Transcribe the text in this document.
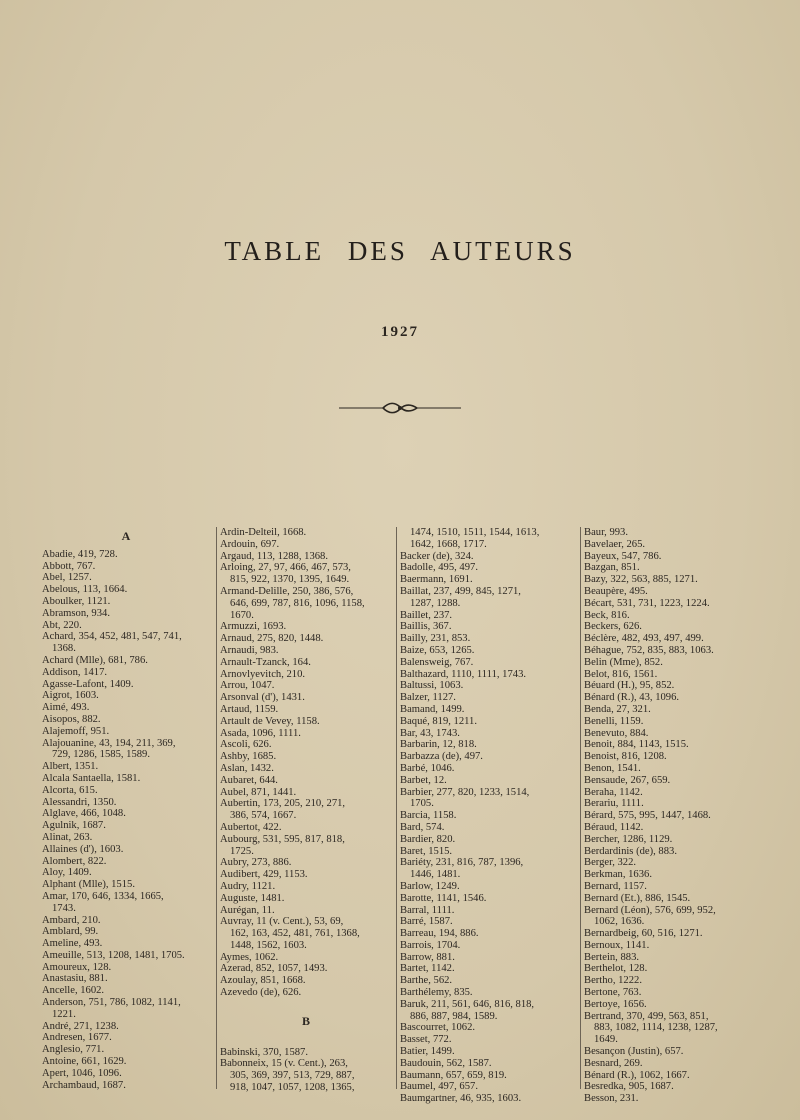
TABLE DES AUTEURS
1927
A
Abadie, 419, 728.
Abbott, 767.
Abel, 1257.
Abelous, 113, 1664.
Aboulker, 1121.
Abramson, 934.
Abt, 220.
Achard, 354, 452, 481, 547, 741,
1368.
Achard (Mlle), 681, 786.
Addison, 1417.
Agasse-Lafont, 1409.
Aigrot, 1603.
Aimé, 493.
Aisopos, 882.
Alajemoff, 951.
Alajouanine, 43, 194, 211, 369,
729, 1286, 1585, 1589.
Albert, 1351.
Alcala Santaella, 1581.
Alcorta, 615.
Alessandri, 1350.
Alglave, 466, 1048.
Agulnik, 1687.
Alinat, 263.
Allaines (d'), 1603.
Alombert, 822.
Aloy, 1409.
Alphant (Mlle), 1515.
Amar, 170, 646, 1334, 1665,
1743.
Ambard, 210.
Amblard, 99.
Ameline, 493.
Ameuille, 513, 1208, 1481, 1705.
Amoureux, 128.
Anastasiu, 881.
Ancelle, 1602.
Anderson, 751, 786, 1082, 1141,
1221.
André, 271, 1238.
Andresen, 1677.
Anglesio, 771.
Antoine, 661, 1629.
Apert, 1046, 1096.
Archambaud, 1687.
Ardin-Delteil, 1668.
Ardouin, 697.
Argaud, 113, 1288, 1368.
Arloing, 27, 97, 466, 467, 573,
815, 922, 1370, 1395, 1649.
Armand-Delille, 250, 386, 576,
646, 699, 787, 816, 1096, 1158,
1670.
Armuzzi, 1693.
Arnaud, 275, 820, 1448.
Arnaudi, 983.
Arnault-Tzanck, 164.
Arnovlyevitch, 210.
Arrou, 1047.
Arsonval (d'), 1431.
Artaud, 1159.
Artault de Vevey, 1158.
Asada, 1096, 1111.
Ascoli, 626.
Ashby, 1685.
Aslan, 1432.
Aubaret, 644.
Aubel, 871, 1441.
Aubertin, 173, 205, 210, 271,
386, 574, 1667.
Aubertot, 422.
Aubourg, 531, 595, 817, 818,
1725.
Aubry, 273, 886.
Audibert, 429, 1153.
Audry, 1121.
Auguste, 1481.
Aurégan, 11.
Auvray, 11 (v. Cent.), 53, 69,
162, 163, 452, 481, 761, 1368,
1448, 1562, 1603.
Aymes, 1062.
Azerad, 852, 1057, 1493.
Azoulay, 851, 1668.
Azevedo (de), 626.
B
Babinski, 370, 1587.
Babonneix, 15 (v. Cent.), 263,
305, 369, 397, 513, 729, 887,
918, 1047, 1057, 1208, 1365,
1474, 1510, 1511, 1544, 1613,
1642, 1668, 1717.
Backer (de), 324.
Badolle, 495, 497.
Baermann, 1691.
Baillat, 237, 499, 845, 1271,
1287, 1288.
Baillet, 237.
Baillis, 367.
Bailly, 231, 853.
Baize, 653, 1265.
Balensweig, 767.
Balthazard, 1110, 1111, 1743.
Baltussi, 1063.
Balzer, 1127.
Bamand, 1499.
Baqué, 819, 1211.
Bar, 43, 1743.
Barbarin, 12, 818.
Barbazza (de), 497.
Barbé, 1046.
Barbet, 12.
Barbier, 277, 820, 1233, 1514,
1705.
Barcia, 1158.
Bard, 574.
Bardier, 820.
Baret, 1515.
Bariéty, 231, 816, 787, 1396,
1446, 1481.
Barlow, 1249.
Barotte, 1141, 1546.
Barral, 1111.
Barré, 1587.
Barreau, 194, 886.
Barrois, 1704.
Barrow, 881.
Bartet, 1142.
Barthe, 562.
Barthélemy, 835.
Baruk, 211, 561, 646, 816, 818,
886, 887, 984, 1589.
Bascourret, 1062.
Basset, 772.
Batier, 1499.
Baudouin, 562, 1587.
Baumann, 657, 659, 819.
Baumel, 497, 657.
Baumgartner, 46, 935, 1603.
Baur, 993.
Bavelaer, 265.
Bayeux, 547, 786.
Bazgan, 851.
Bazy, 322, 563, 885, 1271.
Beaupère, 495.
Bécart, 531, 731, 1223, 1224.
Beck, 816.
Beckers, 626.
Béclère, 482, 493, 497, 499.
Béhague, 752, 835, 883, 1063.
Belin (Mme), 852.
Belot, 816, 1561.
Béuard (H.), 95, 852.
Bénard (R.), 43, 1096.
Benda, 27, 321.
Benelli, 1159.
Benevuto, 884.
Benoit, 884, 1143, 1515.
Benoist, 816, 1208.
Benon, 1541.
Bensaude, 267, 659.
Beraha, 1142.
Berariu, 1111.
Bérard, 575, 995, 1447, 1468.
Béraud, 1142.
Bercher, 1286, 1129.
Berdardinis (de), 883.
Berger, 322.
Berkman, 1636.
Bernard, 1157.
Bernard (Et.), 886, 1545.
Bernard (Léon), 576, 699, 952,
1062, 1636.
Bernardbeig, 60, 516, 1271.
Bernoux, 1141.
Bertein, 883.
Berthelot, 128.
Bertho, 1222.
Bertone, 763.
Bertoye, 1656.
Bertrand, 370, 499, 563, 851,
883, 1082, 1114, 1238, 1287,
1649.
Besançon (Justin), 657.
Besnard, 269.
Bénard (R.), 1062, 1667.
Besredka, 905, 1687.
Besson, 231.
